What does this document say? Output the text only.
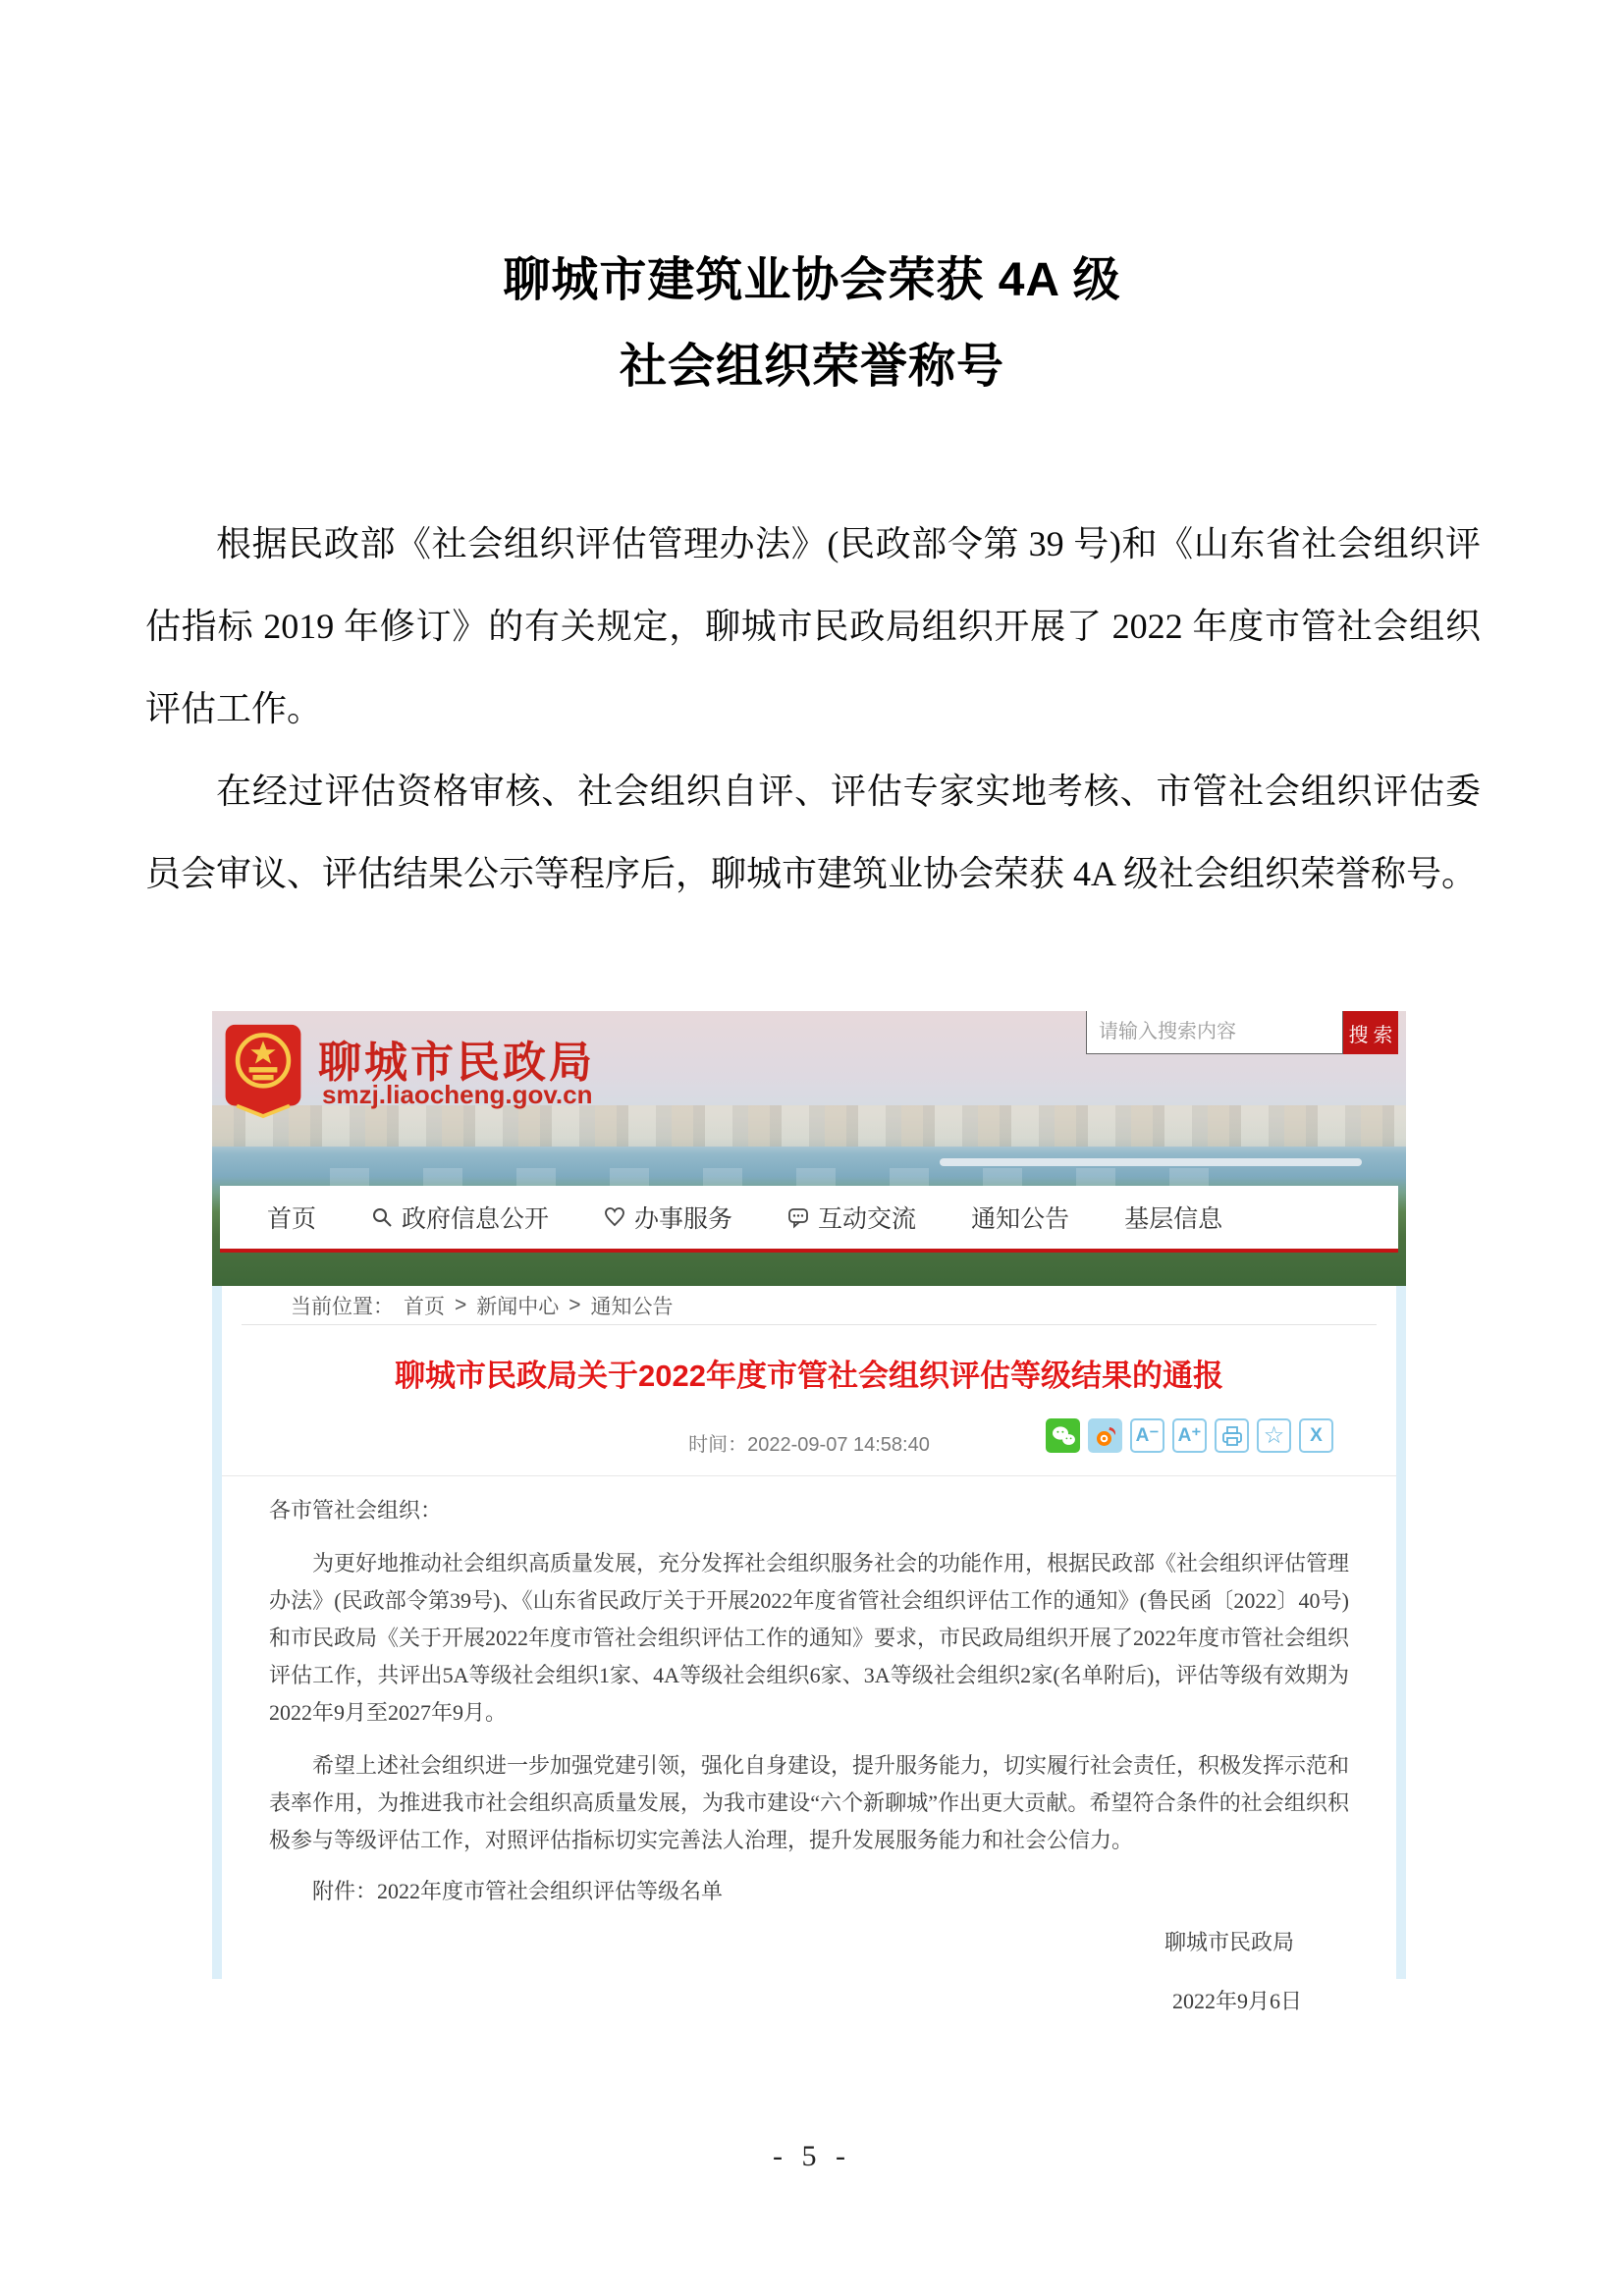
聊城市建筑业协会荣获 4A 级
社会组织荣誉称号

根据民政部《社会组织评估管理办法》(民政部令第 39 号)和《山东省社会组织评估指标 2019 年修订》的有关规定，聊城市民政局组织开展了 2022 年度市管社会组织评估工作。

在经过评估资格审核、社会组织自评、评估专家实地考核、市管社会组织评估委员会审议、评估结果公示等程序后，聊城市建筑业协会荣获 4A 级社会组织荣誉称号。

聊城市民政局
smzj.liaocheng.gov.cn
请输入搜索内容
搜索
首页	政府信息公开	办事服务	互动交流 通知公告 基层信息
当前位置： 首页 > 新闻中心 > 通知公告
聊城市民政局关于2022年度市管社会组织评估等级结果的通报
时间：2022-09-07 14:58:40	A⁻ A⁺	☆	X

各市管社会组织：

为更好地推动社会组织高质量发展，充分发挥社会组织服务社会的功能作用，根据民政部《社会组织评估管理办法》(民政部令第39号)、《山东省民政厅关于开展2022年度省管社会组织评估工作的通知》(鲁民函〔2022〕40号)和市民政局《关于开展2022年度市管社会组织评估工作的通知》要求，市民政局组织开展了2022年度市管社会组织评估工作，共评出5A等级社会组织1家、4A等级社会组织6家、3A等级社会组织2家(名单附后)，评估等级有效期为2022年9月至2027年9月。

希望上述社会组织进一步加强党建引领，强化自身建设，提升服务能力，切实履行社会责任，积极发挥示范和表率作用，为推进我市社会组织高质量发展，为我市建设“六个新聊城”作出更大贡献。希望符合条件的社会组织积极参与等级评估工作，对照评估指标切实完善法人治理，提升发展服务能力和社会公信力。

附件：2022年度市管社会组织评估等级名单

聊城市民政局

2022年9月6日

- 5 -
